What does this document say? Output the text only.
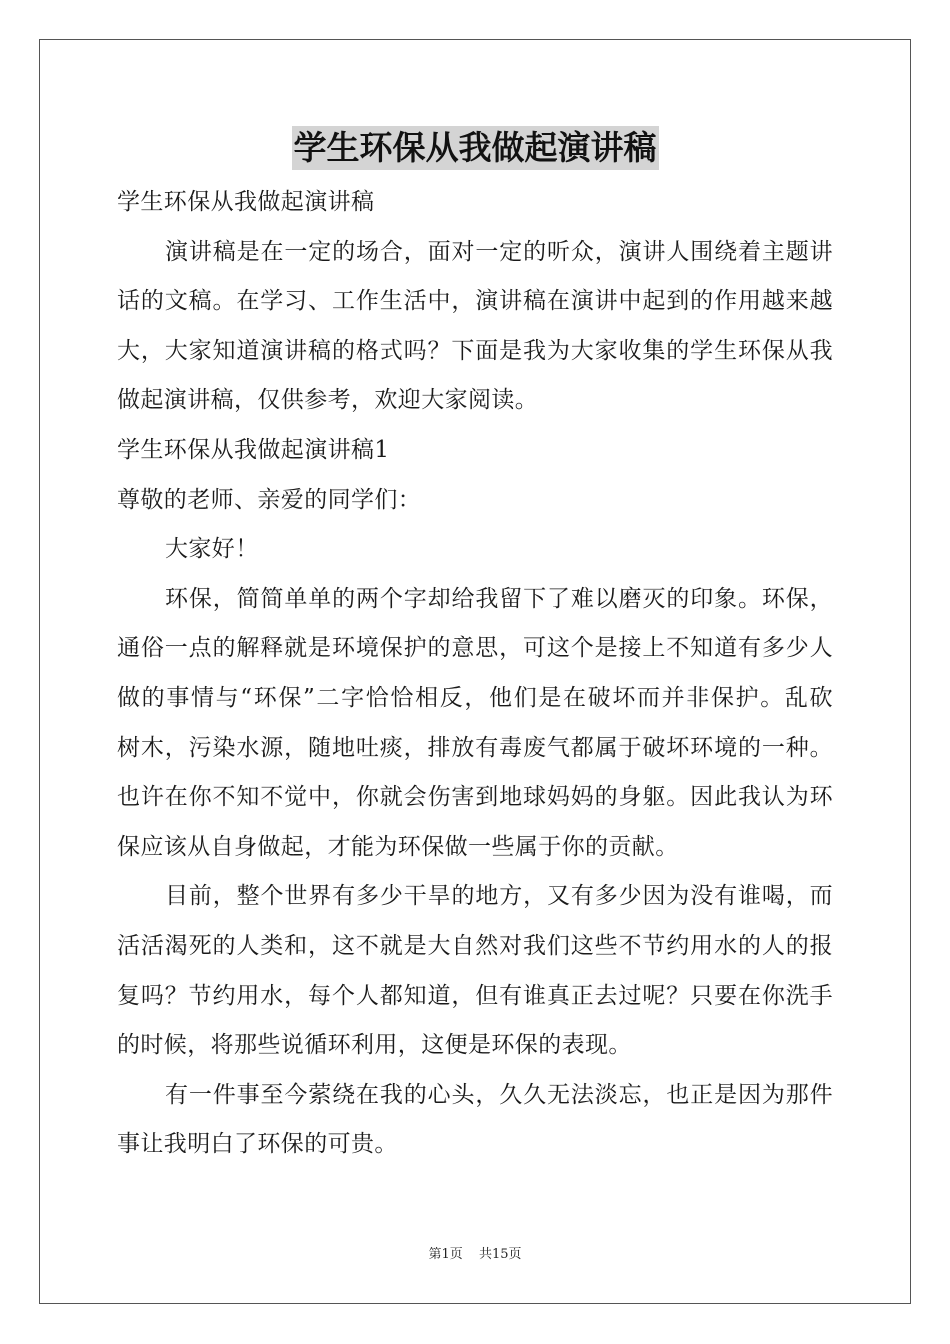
学生环保从我做起演讲稿
学生环保从我做起演讲稿
演讲稿是在一定的场合，面对一定的听众，演讲人围绕着主题讲
话的文稿。在学习、工作生活中，演讲稿在演讲中起到的作用越来越
大，大家知道演讲稿的格式吗？下面是我为大家收集的学生环保从我
做起演讲稿，仅供参考，欢迎大家阅读。
学生环保从我做起演讲稿1
尊敬的老师、亲爱的同学们：
大家好！
环保，简简单单的两个字却给我留下了难以磨灭的印象。环保，
通俗一点的解释就是环境保护的意思，可这个是接上不知道有多少人
做的事情与“环保”二字恰恰相反，他们是在破坏而并非保护。乱砍
树木，污染水源，随地吐痰，排放有毒废气都属于破坏环境的一种。
也许在你不知不觉中，你就会伤害到地球妈妈的身躯。因此我认为环
保应该从自身做起，才能为环保做一些属于你的贡献。
目前，整个世界有多少干旱的地方，又有多少因为没有谁喝，而
活活渴死的人类和，这不就是大自然对我们这些不节约用水的人的报
复吗？节约用水，每个人都知道，但有谁真正去过呢？只要在你洗手
的时候，将那些说循环利用，这便是环保的表现。
有一件事至今萦绕在我的心头，久久无法淡忘，也正是因为那件
事让我明白了环保的可贵。
第1页 共15页
